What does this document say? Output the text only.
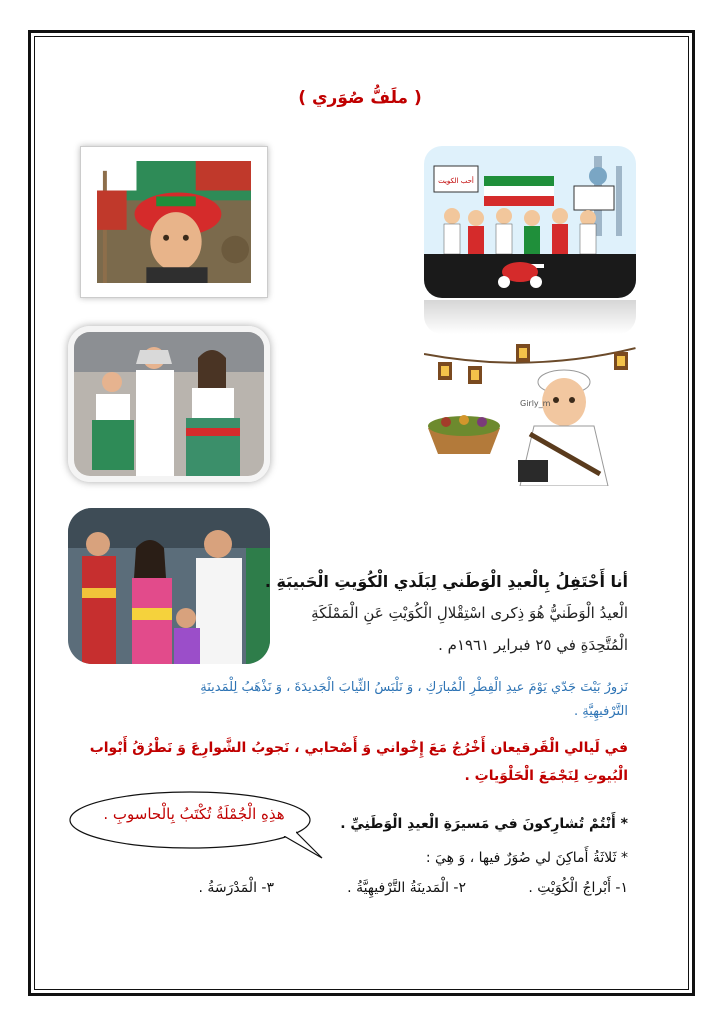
( ملَفُّ صُوَري )
أحب الكويت
Girly_m
أنا أَحْتَفِلُ بِالْعيدِ الْوَطَني لِبَلَدي الْكُوَيتِ الْحَبيبَةِ .
الْعيدُ الْوَطَنيُّ هُوَ ذِكرى اسْتِقْلالِ الْكُوَيْتِ عَنِ الْمَمْلَكَةِ
الْمُتَّحِدَةِ في ٢٥ فبراير ١٩٦١م .
نَزورُ بَيْتَ جَدّي يَوْمَ عيدِ الْفِطْرِ الْمُبارَكِ ، وَ نَلْبَسُ الثِّيابَ الْجَديدَةَ ، وَ نَذْهَبُ لِلْمَدينَةِ
التَّرْفيهِيَّةِ .
في لَيالي الْقَرقيعان أَخْرُجُ مَعَ إِخْواني وَ أَصْحابي ، نَجوبُ الشَّوارِعَ وَ نَطْرُقُ أَبْواب
الْبُيوتِ لِنَجْمَعَ الْحَلْوَياتِ .
هذِهِ الْجُمْلَةُ تُكْتَبُ بِالْحاسوبِ .
* أَنْتُمْ تُشارِكونَ في مَسيرَةِ الْعيدِ الْوَطَنِيِّ .
* ثَلاثَةُ أَماكِنَ لي صُوَرٌ فيها ، وَ هِيَ :
١- أَبْراجُ الْكُوَيْتِ .
٢- الْمَدينَةُ التَّرْفيهِيَّةُ .
٣- الْمَدْرَسَةُ .
